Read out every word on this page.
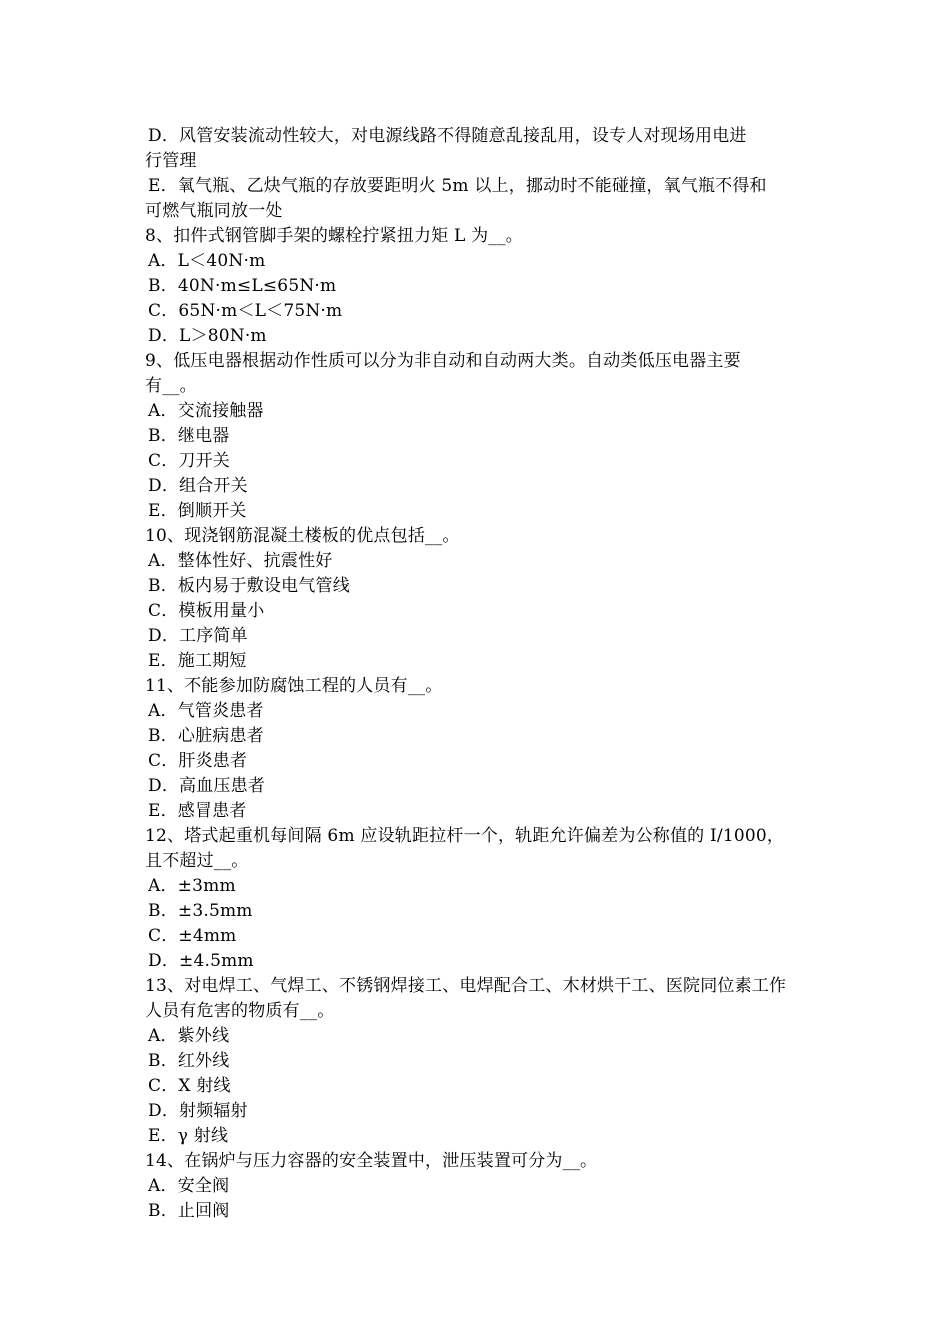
D．风管安装流动性较大，对电源线路不得随意乱接乱用，设专人对现场用电进
行管理
E．氧气瓶、乙炔气瓶的存放要距明火 5m 以上，挪动时不能碰撞，氧气瓶不得和
可燃气瓶同放一处
8、扣件式钢管脚手架的螺栓拧紧扭力矩 L 为__。
A．L＜40N·m
B．40N·m≤L≤65N·m
C．65N·m＜L＜75N·m
D．L＞80N·m
9、低压电器根据动作性质可以分为非自动和自动两大类。自动类低压电器主要
有__。
A．交流接触器
B．继电器
C．刀开关
D．组合开关
E．倒顺开关
10、现浇钢筋混凝土楼板的优点包括__。
A．整体性好、抗震性好
B．板内易于敷设电气管线
C．模板用量小
D．工序简单
E．施工期短
11、不能参加防腐蚀工程的人员有__。
A．气管炎患者
B．心脏病患者
C．肝炎患者
D．高血压患者
E．感冒患者
12、塔式起重机每间隔 6m 应设轨距拉杆一个，轨距允许偏差为公称值的 I/1000，
且不超过__。
A．±3mm
B．±3.5mm
C．±4mm
D．±4.5mm
13、对电焊工、气焊工、不锈钢焊接工、电焊配合工、木材烘干工、医院同位素工作
人员有危害的物质有__。
A．紫外线
B．红外线
C．X 射线
D．射频辐射
E．γ 射线
14、在锅炉与压力容器的安全装置中，泄压装置可分为__。
A．安全阀
B．止回阀
